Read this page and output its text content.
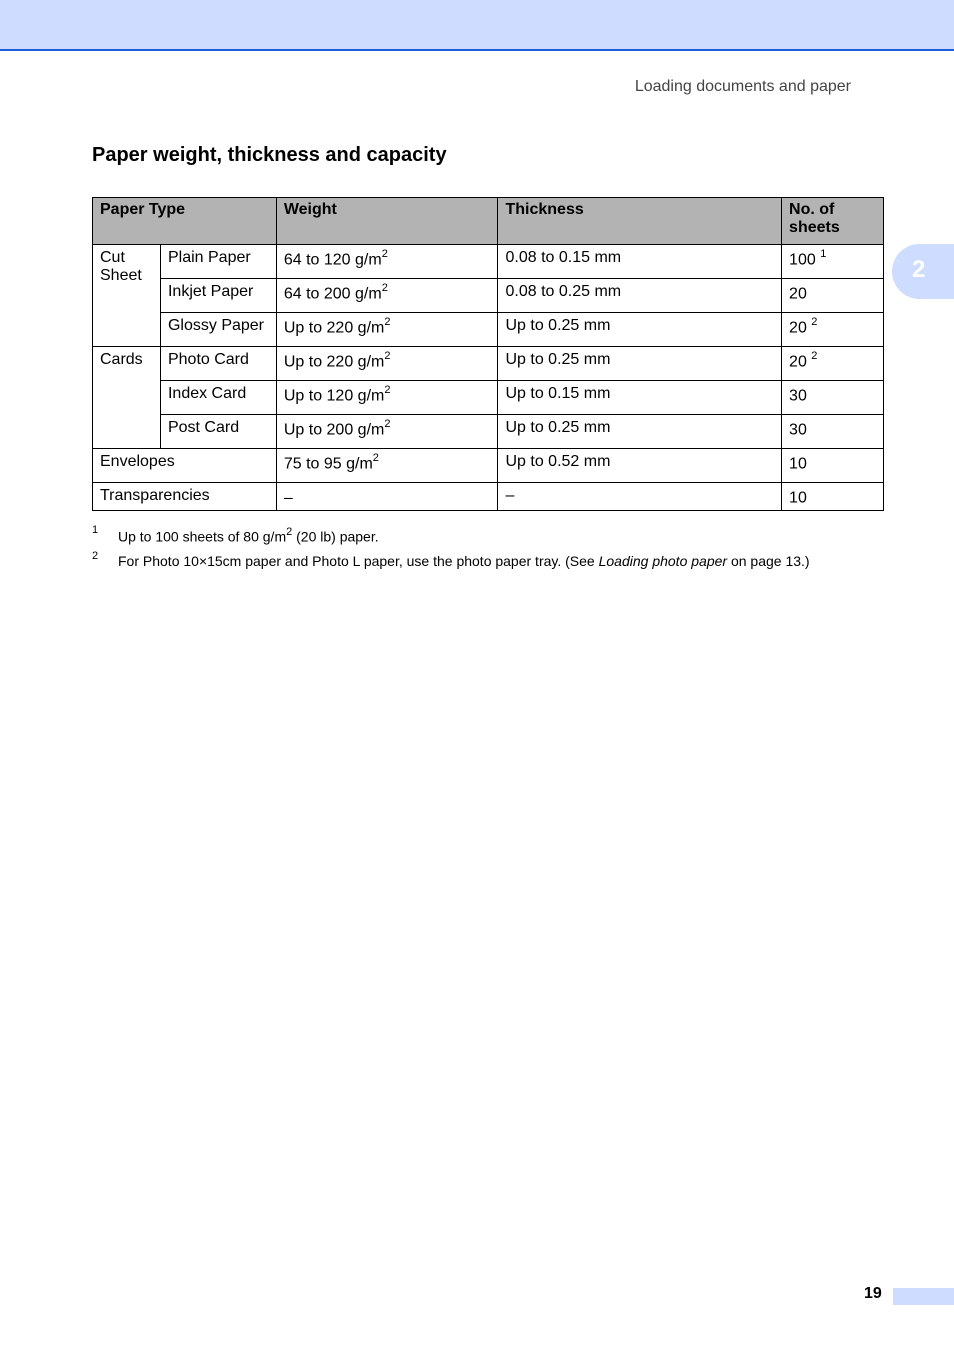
Loading documents and paper
2
Paper weight, thickness and capacity
Paper Type		Weight	Thickness	No. of sheets
Cut Sheet	Plain Paper	64 to 120 $g/m^2$	0.08 to 0.15 mm	100 $^1$
	Inkjet Paper	64 to 200 $g/m^2$	0.08 to 0.25 mm	20
	Glossy Paper	Up to 220 $g/m^2$	Up to 0.25 mm	20 $^2$
Cards	Photo Card	Up to 220 $g/m^2$	Up to 0.25 mm	20 $^2$
	Index Card	Up to 120 $g/m^2$	Up to 0.15 mm	30
	Post Card	Up to 200 $g/m^2$	Up to 0.25 mm	30
Envelopes		75 to 95 $g/m^2$	Up to 0.52 mm	10
Transparencies		–	–	10
1 Up to 100 sheets of 80 $g/m^2$ (20 lb) paper.
2 For Photo 10×15cm paper and Photo L paper, use the photo paper tray. (See Loading photo paper on page 13.)
19
